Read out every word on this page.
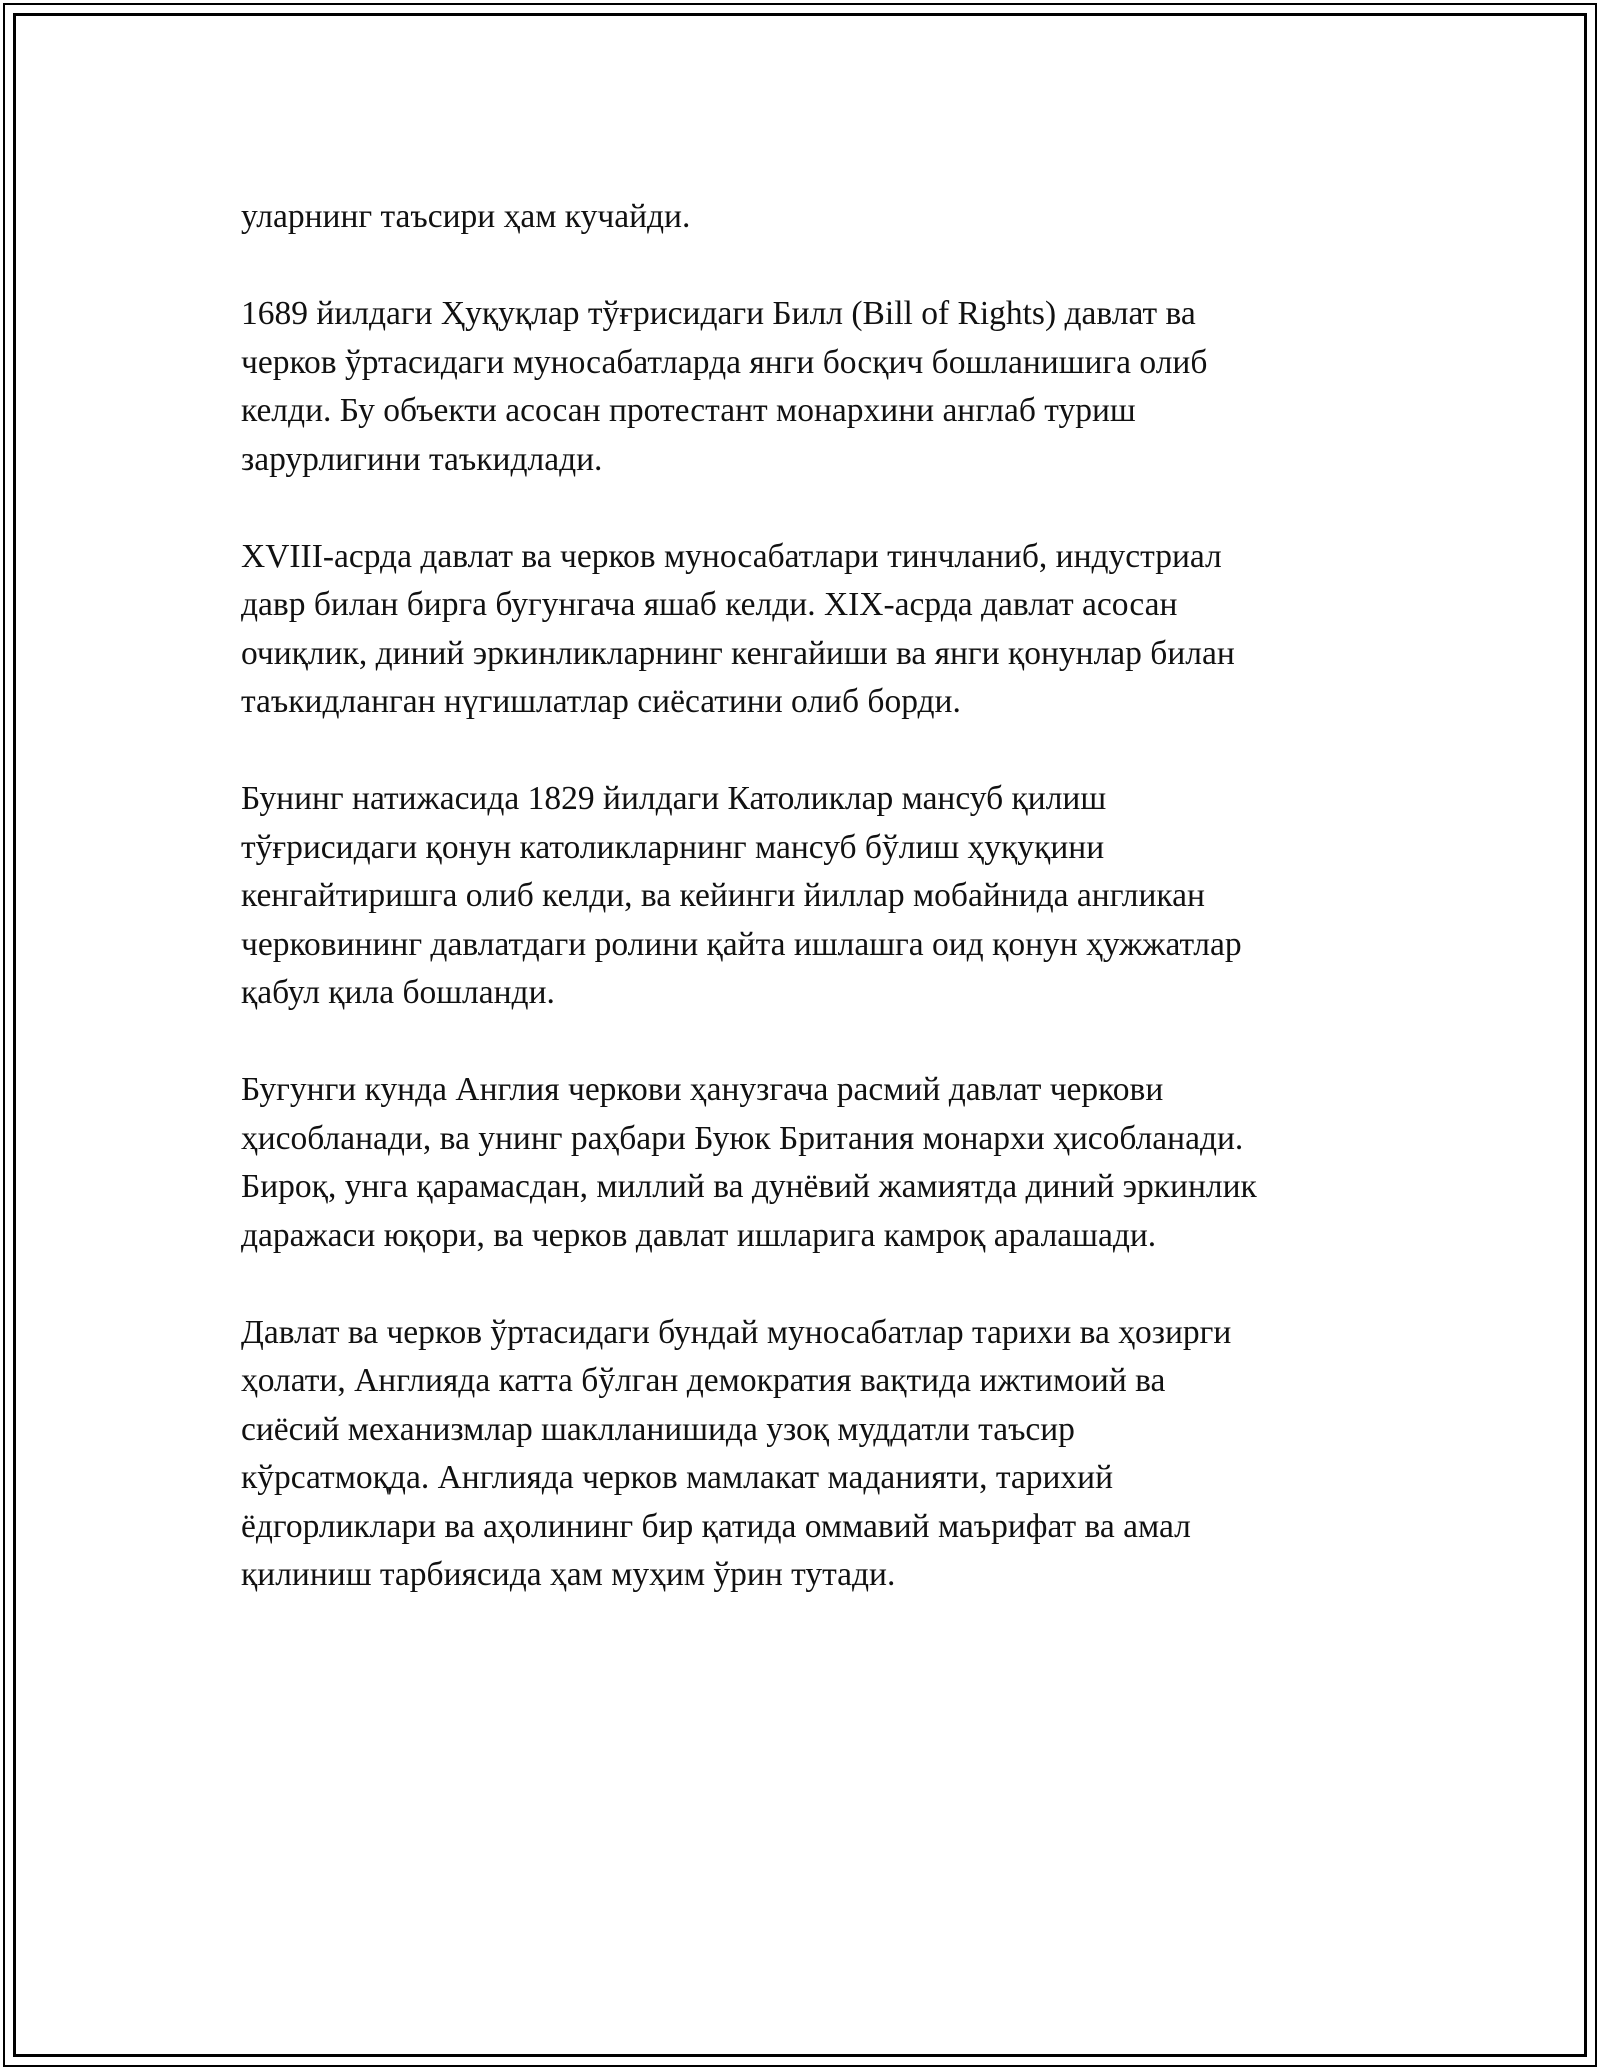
уларнинг таъсири ҳам кучайди.

1689 йилдаги Ҳуқуқлар тўғрисидаги Билл (Bill of Rights) давлат ва
черков ўртасидаги муносабатларда янги босқич бошланишига олиб
келди. Бу объекти асосан протестант монархини англаб туриш
зарурлигини таъкидлади.

XVIII-асрда давлат ва черков муносабатлари тинчланиб, индустриал
давр билан бирга бугунгача яшаб келди. XIX-асрда давлат асосан
очиқлик, диний эркинликларнинг кенгайиши ва янги қонунлар билан
таъкидланган нүгишлатлар сиёсатини олиб борди.

Бунинг натижасида 1829 йилдаги Католиклар мансуб қилиш
тўғрисидаги қонун католикларнинг мансуб бўлиш ҳуқуқини
кенгайтиришга олиб келди, ва кейинги йиллар мобайнида англикан
черковининг давлатдаги ролини қайта ишлашга оид қонун ҳужжатлар
қабул қила бошланди.

Бугунги кунда Англия черкови ҳанузгача расмий давлат черкови
ҳисобланади, ва унинг раҳбари Буюк Британия монархи ҳисобланади.
Бироқ, унга қарамасдан, миллий ва дунёвий жамиятда диний эркинлик
даражаси юқори, ва черков давлат ишларига камроқ аралашади.

Давлат ва черков ўртасидаги бундай муносабатлар тарихи ва ҳозирги
ҳолати, Англияда катта бўлган демократия вақтида ижтимоий ва
сиёсий механизмлар шаклланишида узоқ муддатли таъсир
кўрсатмоқда. Англияда черков мамлакат маданияти, тарихий
ёдгорликлари ва аҳолининг бир қатида оммавий маърифат ва амал
қилиниш тарбиясида ҳам муҳим ўрин тутади.
